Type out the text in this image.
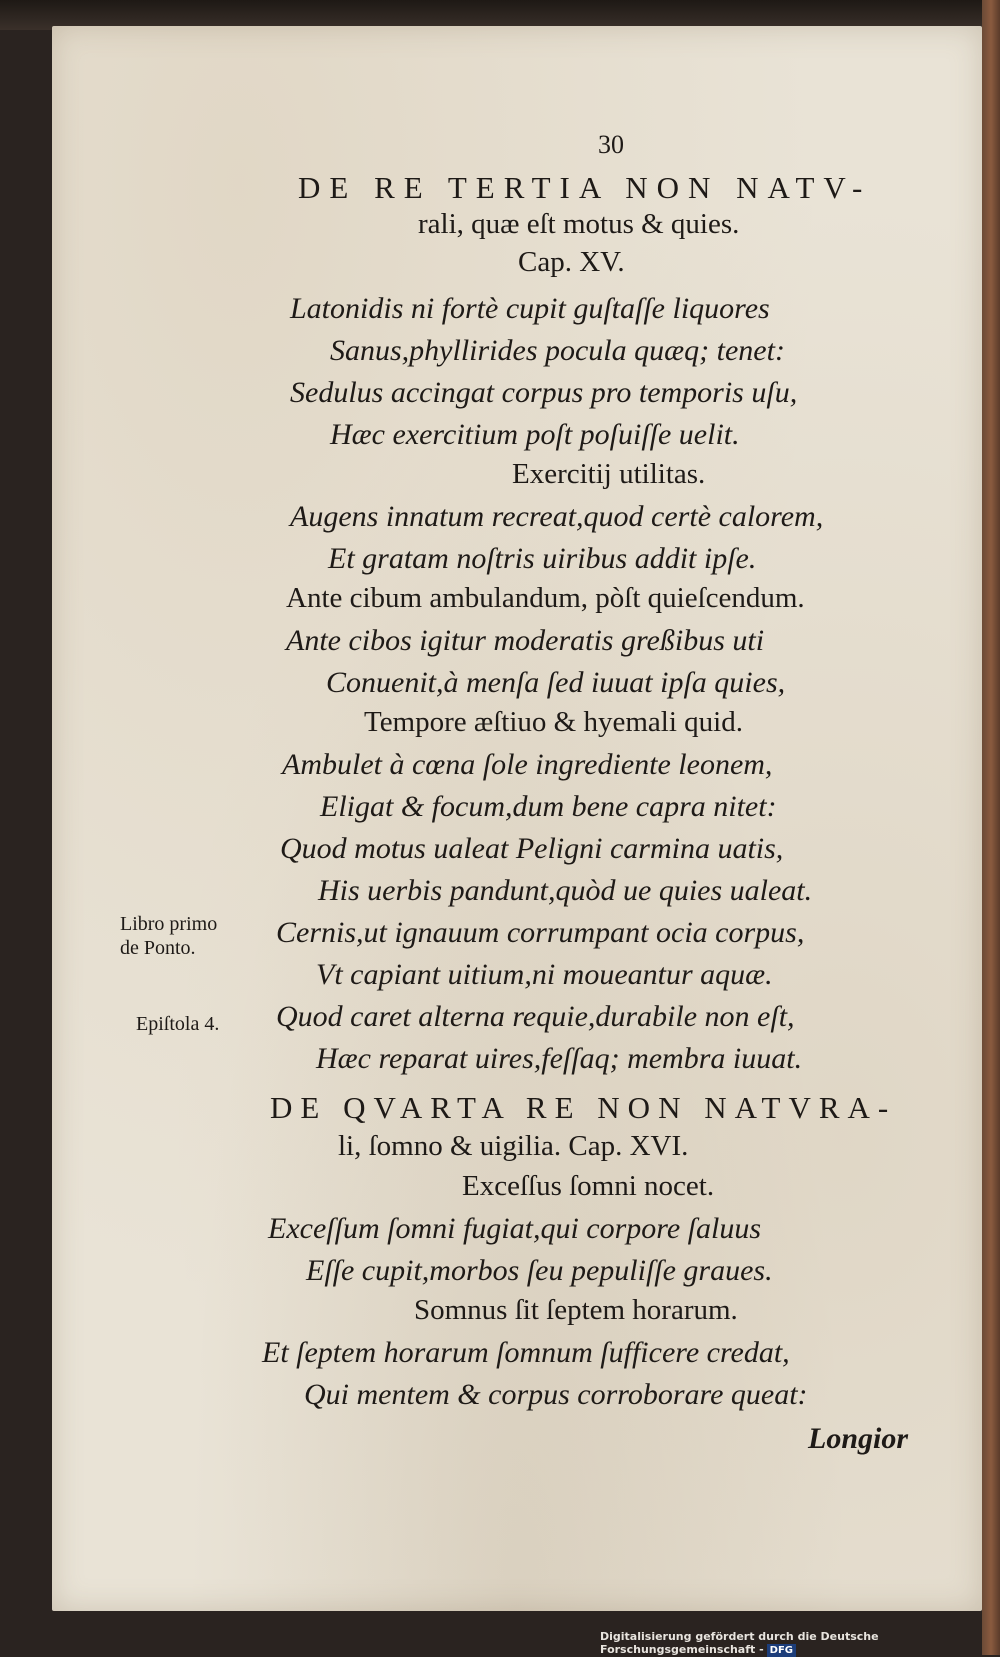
30
DE RE TERTIA NON NATV-
rali, quæ eſt motus & quies.
Cap. XV.
Latonidis ni fortè cupit guſtaſſe liquores
Sanus,phyllirides pocula quæq; tenet:
Sedulus accingat corpus pro temporis uſu,
Hæc exercitium poſt poſuiſſe uelit.
Exercitij utilitas.
Augens innatum recreat,quod certè calorem,
Et gratam noſtris uiribus addit ipſe.
Ante cibum ambulandum, pòſt quieſcendum.
Ante cibos igitur moderatis greßibus uti
Conuenit,à menſa ſed iuuat ipſa quies,
Tempore æſtiuo & hyemali quid.
Ambulet à cœna ſole ingrediente leonem,
Eligat & focum,dum bene capra nitet:
Quod motus ualeat Peligni carmina uatis,
His uerbis pandunt,quòd ue quies ualeat.
Cernis,ut ignauum corrumpant ocia corpus,
Vt capiant uitium,ni moueantur aquæ.
Quod caret alterna requie,durabile non eſt,
Hæc reparat uires,feſſaq; membra iuuat.
Libro primo
de Ponto.
Epiſtola 4.
DE QVARTA RE NON NATVRA-
li, ſomno & uigilia. Cap. XVI.
Exceſſus ſomni nocet.
Exceſſum ſomni fugiat,qui corpore ſaluus
Eſſe cupit,morbos ſeu pepuliſſe graues.
Somnus ſit ſeptem horarum.
Et ſeptem horarum ſomnum ſufficere credat,
Qui mentem & corpus corroborare queat:
Longior
Digitalisierung gefördert durch die Deutsche Forschungsgemeinschaft - DFG
